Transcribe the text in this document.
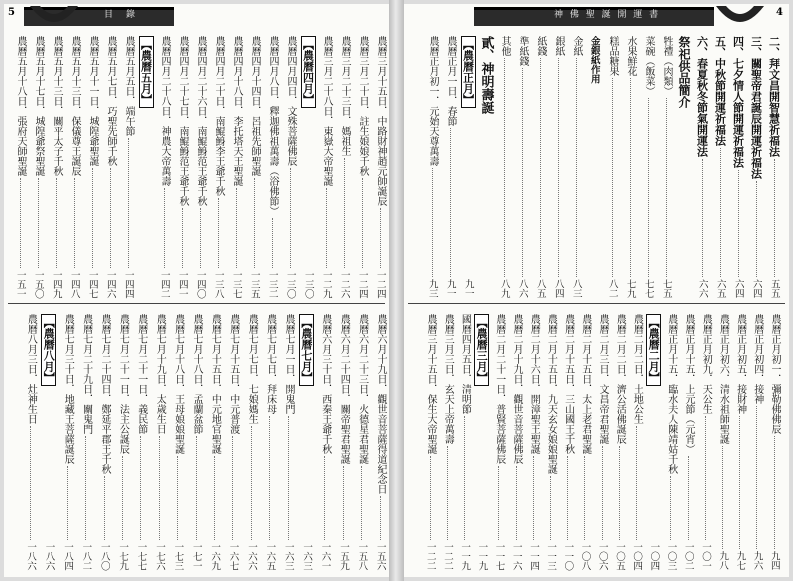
5	目　錄
農曆三月十五日．中路財神趙元帥誕辰
一二四
農曆三月二十日．註生娘娘千秋
一二四
農曆三月二十三日．媽祖生
一二六
農曆三月二十八日．東嶽大帝聖誕
一二九
【農曆四月】
一三〇
農曆四月四日．文殊菩薩佛辰
一三〇
農曆四月八日．釋迦佛祖萬壽（浴佛節）
一三二
農曆四月十四日．呂祖先師聖誕
一三五
農曆四月十八日．李托塔天王聖誕
一三七
農曆四月二十日．南鯤鯓李王爺千秋
一三八
農曆四月二十六日．南鯤鯓范王爺千秋
一四〇
農曆四月二十七日．南鯤鯓范王爺千秋
一四一
農曆四月二十八日．神農大帝萬壽
一四二
【農曆五月】
農曆五月五日．端午節
一四四
農曆五月七日．巧聖先師千秋
一四六
農曆五月十一日．城隍爺聖誕
一四七
農曆五月十三日．保儀尊王誕辰
一四八
農曆五月十三日．關平太子千秋
一四九
農曆五月十七日．城隍爺祭聖誕
一五〇
農曆五月十八日．張府天師聖誕
一五一
農曆六月十九日．觀世音菩薩得道紀念日
一五六
農曆六月二十三日．火德星君聖誕
一五八
農曆六月二十四日．關帝聖君聖誕
一五九
農曆六月三十日．西秦王爺千秋
一六一
【農曆七月】
一六三
農曆七月一日．開鬼門
一六三
農曆七月七日．拜床母
一六五
農曆七月七日．七娘媽生
一六六
農曆七月十五日．中元普渡
一六七
農曆七月十五日．中元地官聖誕
一六九
農曆七月十八日．孟蘭盆節
一七一
農曆七月十八日．王母娘娘聖誕
一七三
農曆七月十九日．太歲生日
一七六
農曆七月二十一日．義民節
一七七
農曆七月二十一日．法主公誕辰
一七九
農曆七月二十四日．鄭延平郡王千秋
一八〇
農曆七月二十九日．關鬼門
一八二
農曆七月三十日．地藏王菩薩誕辰
一八四
【農曆八月】
一八六
農曆八月三日．灶神生日
一八六
神 佛 聖 誕 開 運 書	4
二、拜文昌開智慧祈福法
五五
三、關聖帝君誕辰開運祈福法
六四
四、七夕情人節開運祈福法
六四
五、中秋節開運祈福法
六五
六、春夏秋冬節氣開運法
六六
祭祀供品簡介
牲禮（肉類）
七五
菜碗（飯菜）
七七
水果鮮花
七九
糕品糖果
八二
金銀紙作用
金紙
八三
銀紙
八四
紙錢
八五
準紙錢
八六
其他
八九
貳、神明壽誕
【農曆正月】
九一
農曆正月一日．春節
九一
農曆正月初一．元始天尊萬壽
九三
農曆正月初一．彌勒佛佛辰
九四
農曆正月初四．接神
九六
農曆正月初五．接財神
九七
農曆正月初六．清水祖師聖誕
九八
農曆正月初九．天公生
一〇一
農曆正月十五．上元節（元宵）
一〇二
農曆正月十五．臨水夫人陳靖姑千秋
一〇三
【農曆二月】
一〇四
農曆二月二日．土地公生
一〇四
農曆二月二日．濟公活佛誕辰
一〇五
農曆二月三日．文昌帝君聖誕
一〇六
農曆二月十五日．太上老君聖誕
一〇八
農曆二月十五日．三山國王千秋
一一〇
農曆二月十五日．九天玄女娘娘聖誕
一一三
農曆二月十六日．開漳聖王聖誕
一一四
農曆二月十九日．觀世音菩薩佛辰
一一六
農曆二月二十一日．普賢菩薩佛辰
一一七
【農曆三月】
一一九
國曆四月五日．清明節
一一九
農曆三月三日．玄天上帝萬壽
一二二
農曆三月十五日．保生大帝聖誕
一二二
